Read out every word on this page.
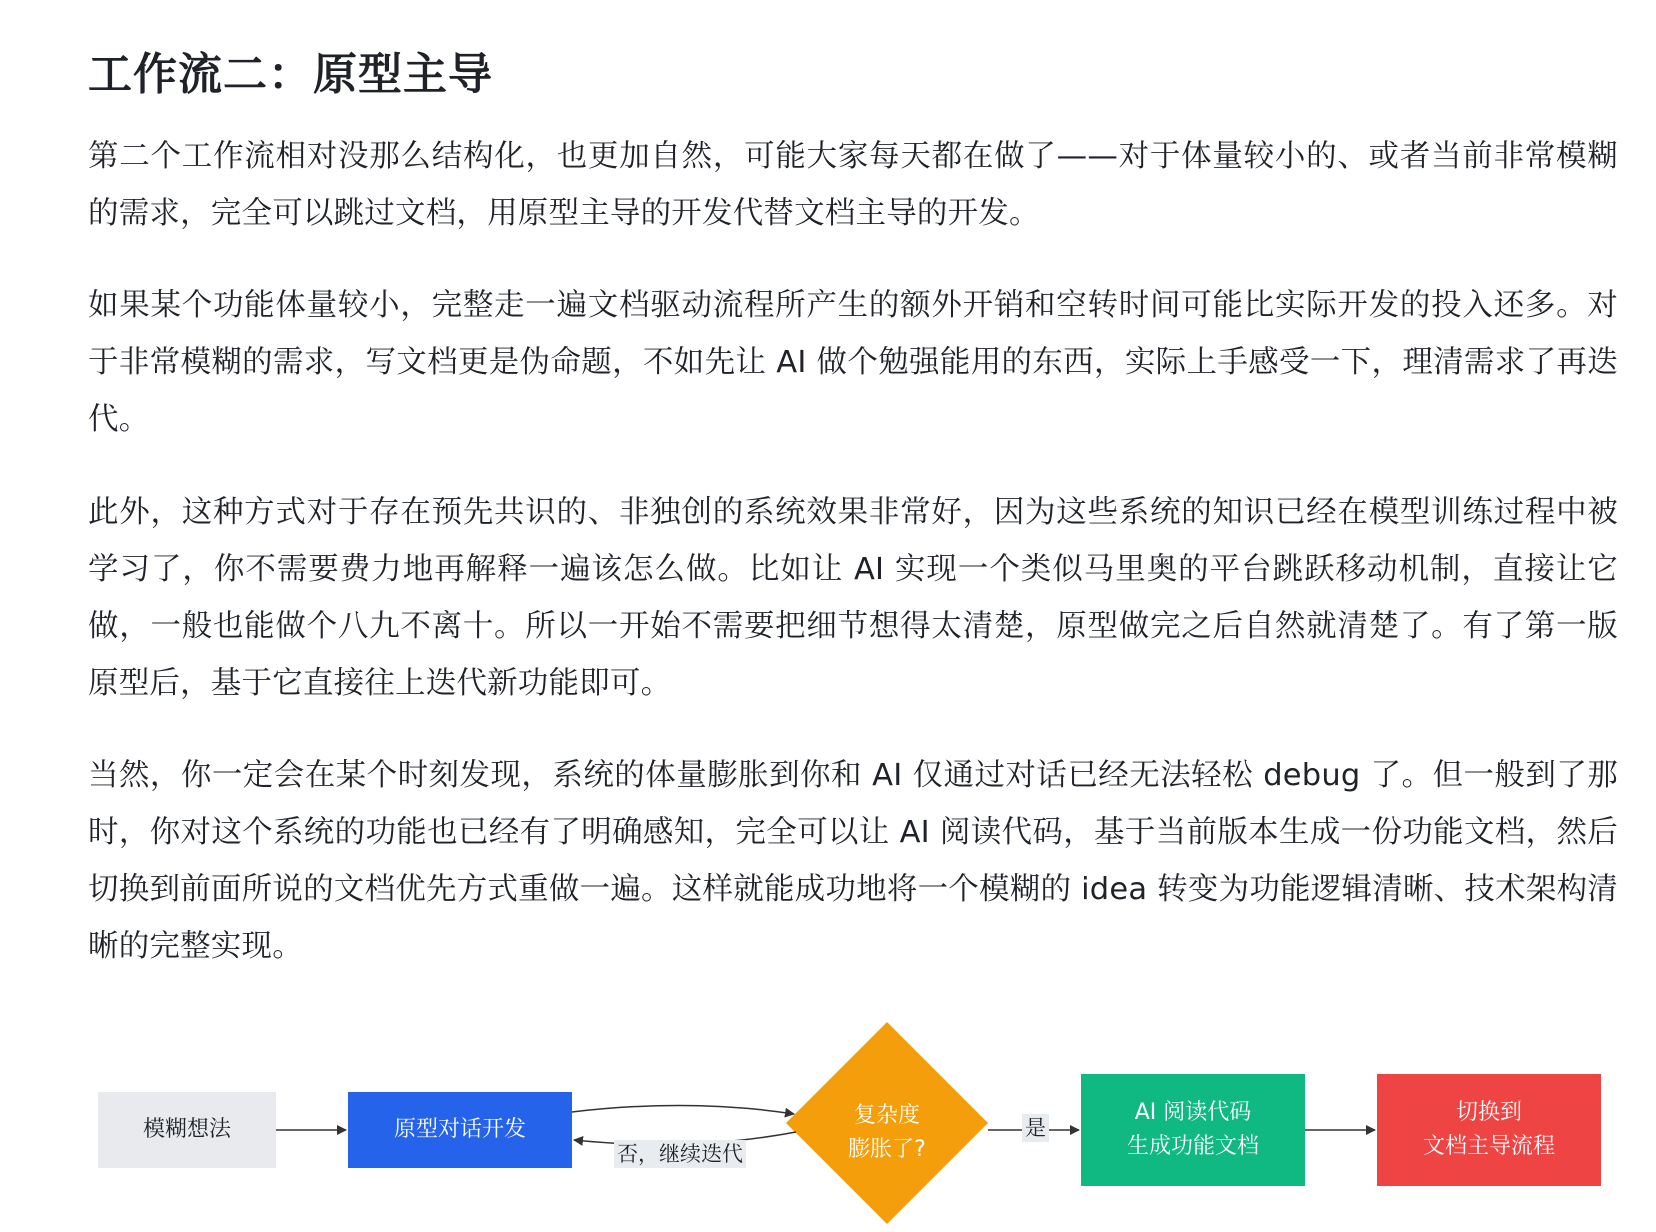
工作流二：原型主导

第二个工作流相对没那么结构化，也更加自然，可能大家每天都在做了——对于体量较小的、或者当前非常模糊的需求，完全可以跳过文档，用原型主导的开发代替文档主导的开发。

如果某个功能体量较小，完整走一遍文档驱动流程所产生的额外开销和空转时间可能比实际开发的投入还多。对于非常模糊的需求，写文档更是伪命题，不如先让 AI 做个勉强能用的东西，实际上手感受一下，理清需求了再迭代。

此外，这种方式对于存在预先共识的、非独创的系统效果非常好，因为这些系统的知识已经在模型训练过程中被学习了，你不需要费力地再解释一遍该怎么做。比如让 AI 实现一个类似马里奥的平台跳跃移动机制，直接让它做，一般也能做个八九不离十。所以一开始不需要把细节想得太清楚，原型做完之后自然就清楚了。有了第一版原型后，基于它直接往上迭代新功能即可。

当然，你一定会在某个时刻发现，系统的体量膨胀到你和 AI 仅通过对话已经无法轻松 debug 了。但一般到了那时，你对这个系统的功能也已经有了明确感知，完全可以让 AI 阅读代码，基于当前版本生成一份功能文档，然后切换到前面所说的文档优先方式重做一遍。这样就能成功地将一个模糊的 idea 转变为功能逻辑清晰、技术架构清晰的完整实现。

模糊想法	原型对话开发
复杂度
膨胀了?
AI 阅读代码
生成功能文档
切换到
文档主导流程
否，继续迭代
是
